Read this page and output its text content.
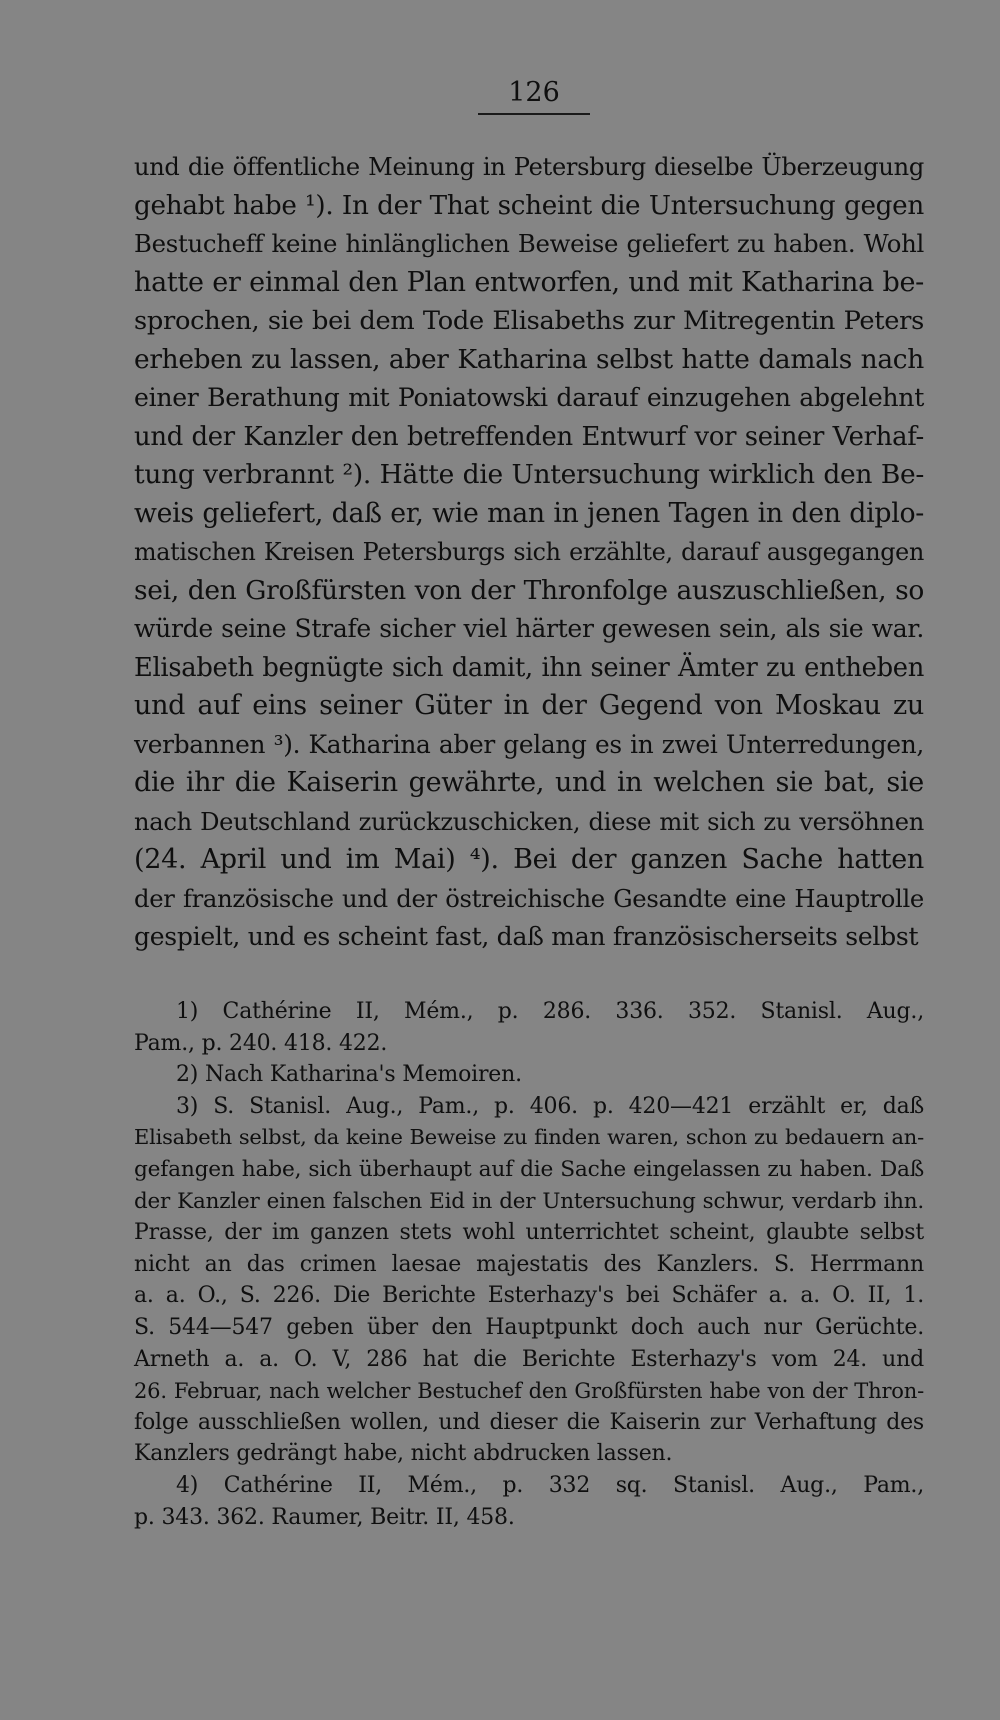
126
und die öffentliche Meinung in Petersburg dieselbe Überzeugung
gehabt habe ¹). In der That scheint die Untersuchung gegen
Bestucheff keine hinlänglichen Beweise geliefert zu haben. Wohl
hatte er einmal den Plan entworfen, und mit Katharina be-
sprochen, sie bei dem Tode Elisabeths zur Mitregentin Peters
erheben zu lassen, aber Katharina selbst hatte damals nach
einer Berathung mit Poniatowski darauf einzugehen abgelehnt
und der Kanzler den betreffenden Entwurf vor seiner Verhaf-
tung verbrannt ²). Hätte die Untersuchung wirklich den Be-
weis geliefert, daß er, wie man in jenen Tagen in den diplo-
matischen Kreisen Petersburgs sich erzählte, darauf ausgegangen
sei, den Großfürsten von der Thronfolge auszuschließen, so
würde seine Strafe sicher viel härter gewesen sein, als sie war.
Elisabeth begnügte sich damit, ihn seiner Ämter zu entheben
und auf eins seiner Güter in der Gegend von Moskau zu
verbannen ³). Katharina aber gelang es in zwei Unterredungen,
die ihr die Kaiserin gewährte, und in welchen sie bat, sie
nach Deutschland zurückzuschicken, diese mit sich zu versöhnen
(24. April und im Mai) ⁴). Bei der ganzen Sache hatten
der französische und der östreichische Gesandte eine Hauptrolle
gespielt, und es scheint fast, daß man französischerseits selbst
1) Cathérine II, Mém., p. 286. 336. 352. Stanisl. Aug.,
Pam., p. 240. 418. 422.
2) Nach Katharina's Memoiren.
3) S. Stanisl. Aug., Pam., p. 406. p. 420—421 erzählt er, daß
Elisabeth selbst, da keine Beweise zu finden waren, schon zu bedauern an-
gefangen habe, sich überhaupt auf die Sache eingelassen zu haben. Daß
der Kanzler einen falschen Eid in der Untersuchung schwur, verdarb ihn.
Prasse, der im ganzen stets wohl unterrichtet scheint, glaubte selbst
nicht an das crimen laesae majestatis des Kanzlers. S. Herrmann
a. a. O., S. 226. Die Berichte Esterhazy's bei Schäfer a. a. O. II, 1.
S. 544—547 geben über den Hauptpunkt doch auch nur Gerüchte.
Arneth a. a. O. V, 286 hat die Berichte Esterhazy's vom 24. und
26. Februar, nach welcher Bestuchef den Großfürsten habe von der Thron-
folge ausschließen wollen, und dieser die Kaiserin zur Verhaftung des
Kanzlers gedrängt habe, nicht abdrucken lassen.
4) Cathérine II, Mém., p. 332 sq. Stanisl. Aug., Pam.,
p. 343. 362. Raumer, Beitr. II, 458.
